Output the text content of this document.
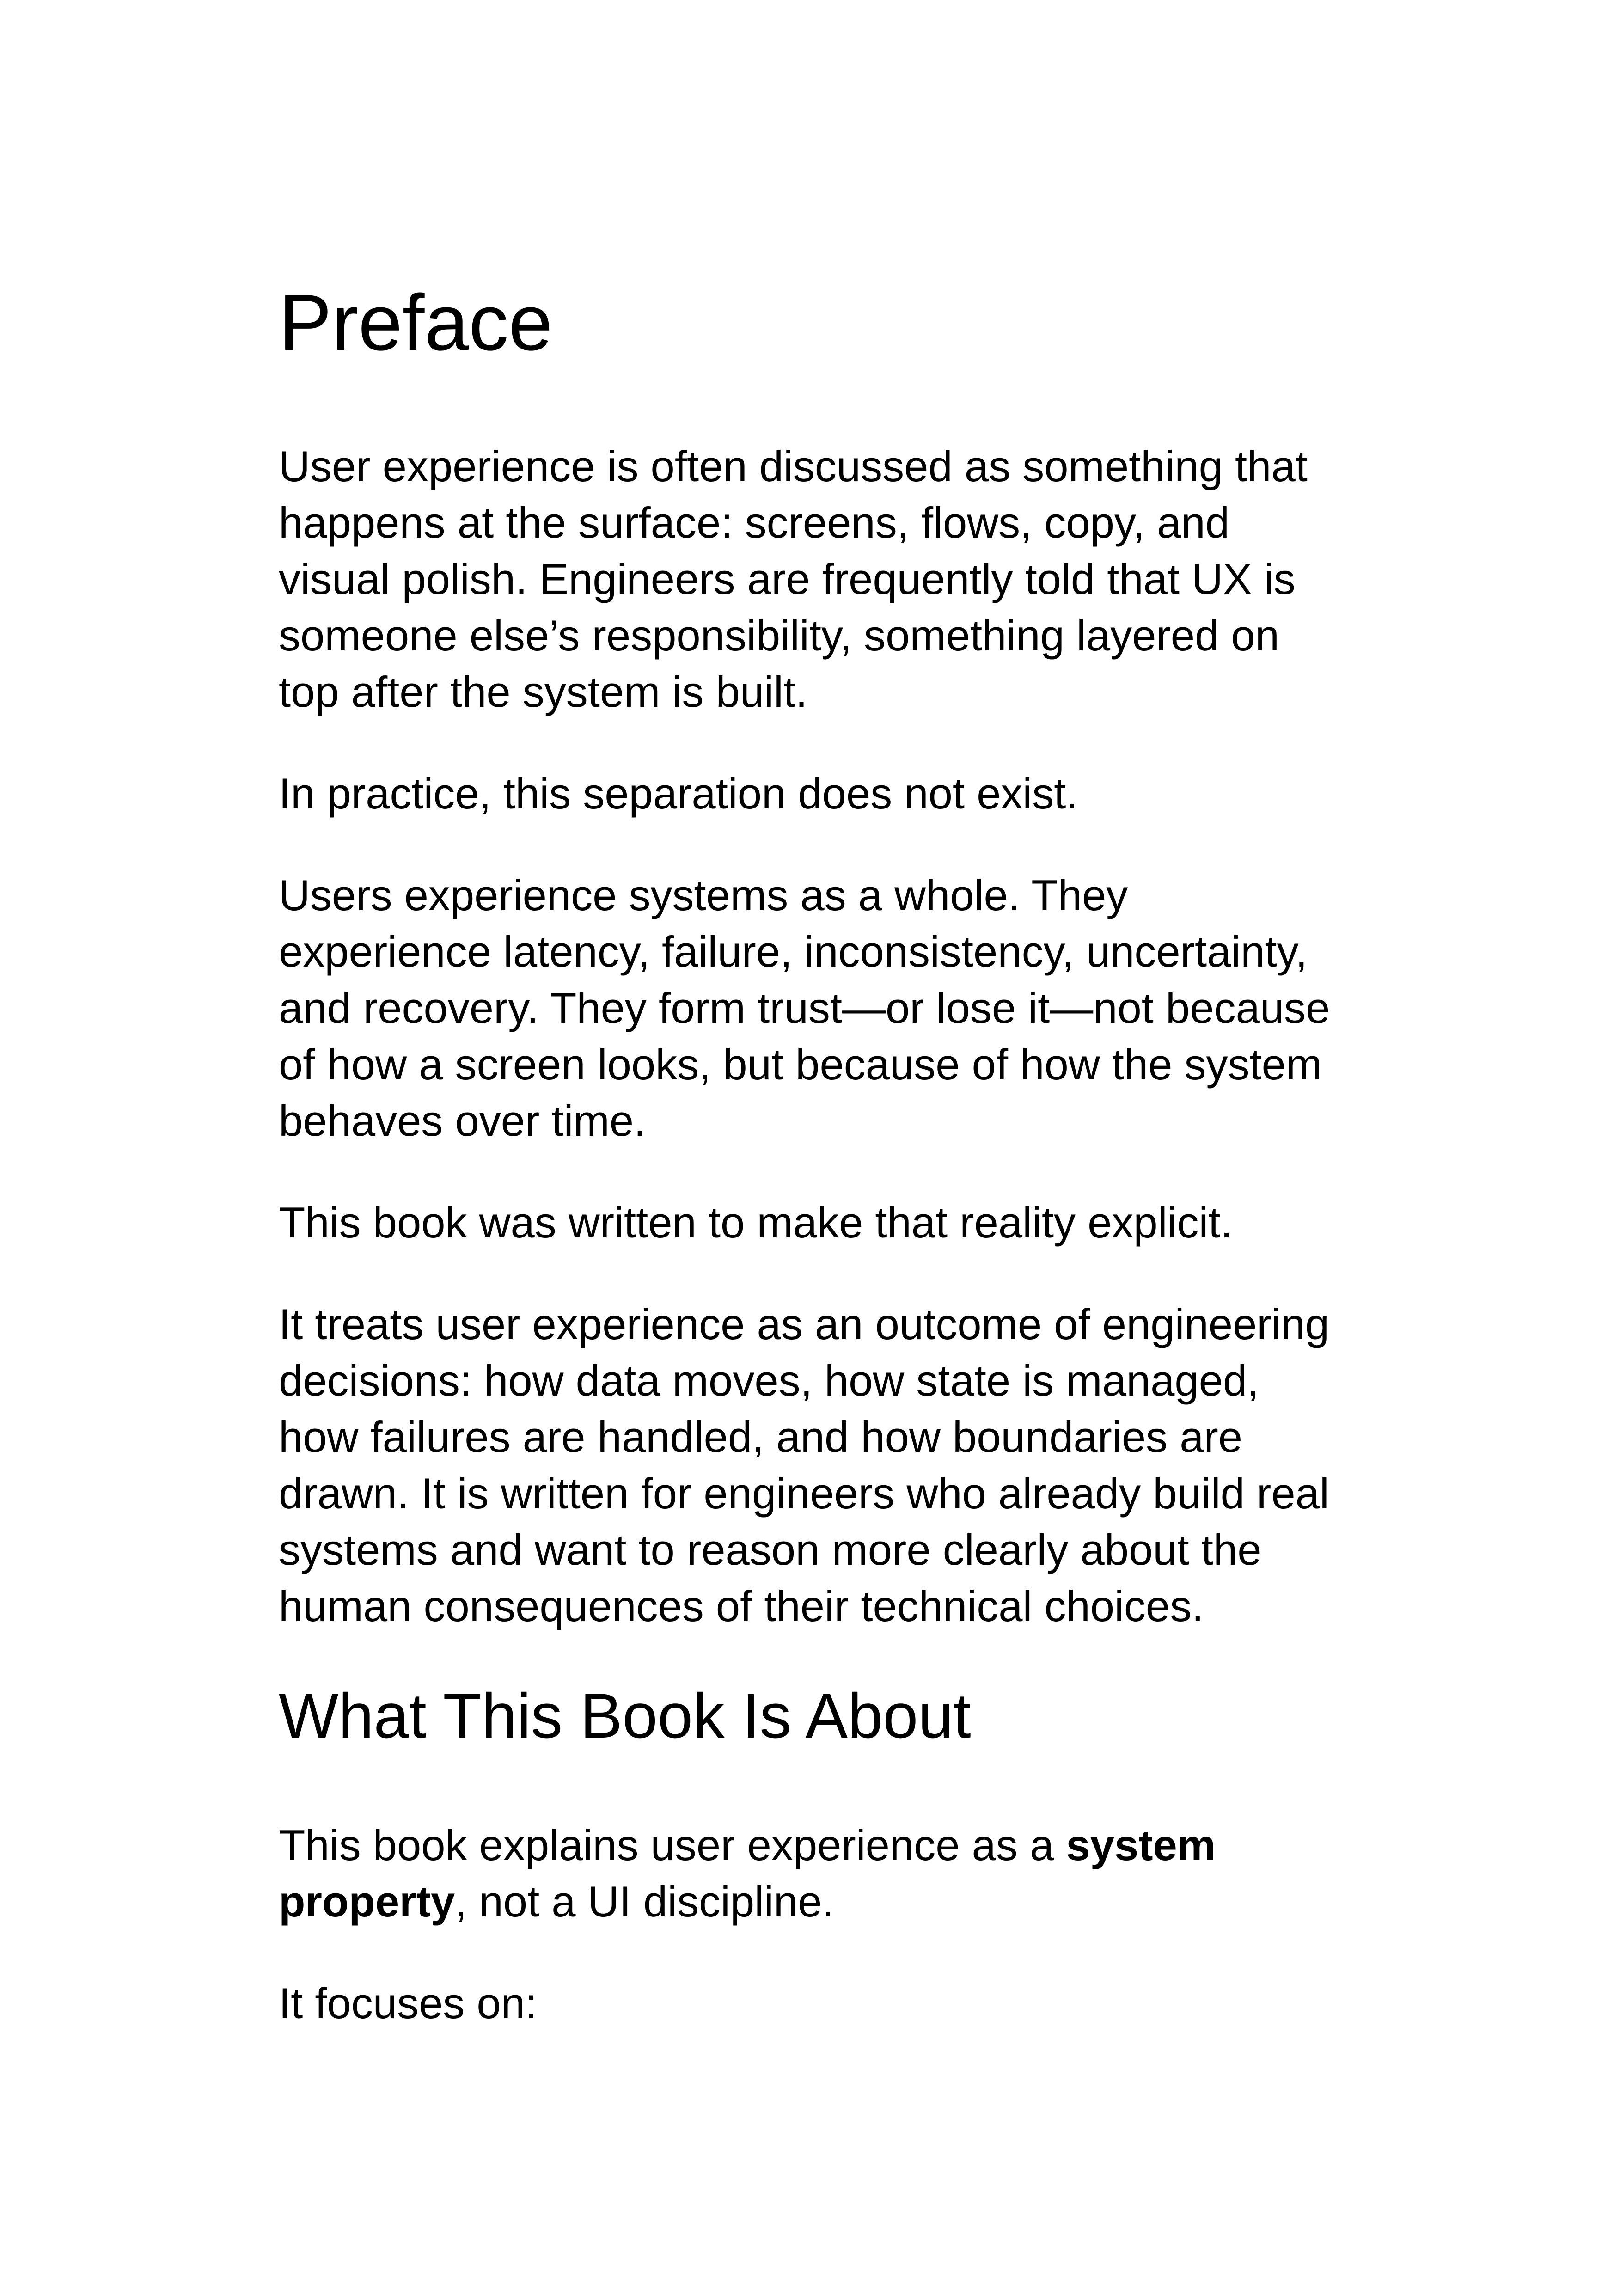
Preface

User experience is often discussed as something that happens at the surface: screens, flows, copy, and visual polish. Engineers are frequently told that UX is someone else’s responsibility, something layered on top after the system is built.

In practice, this separation does not exist.

Users experience systems as a whole. They experience latency, failure, inconsistency, uncertainty, and recovery. They form trust—or lose it—not because of how a screen looks, but because of how the system behaves over time.

This book was written to make that reality explicit.

It treats user experience as an outcome of engineering decisions: how data moves, how state is managed, how failures are handled, and how boundaries are drawn. It is written for engineers who already build real systems and want to reason more clearly about the human consequences of their technical choices.

What This Book Is About

This book explains user experience as a system property, not a UI discipline.

It focuses on:
